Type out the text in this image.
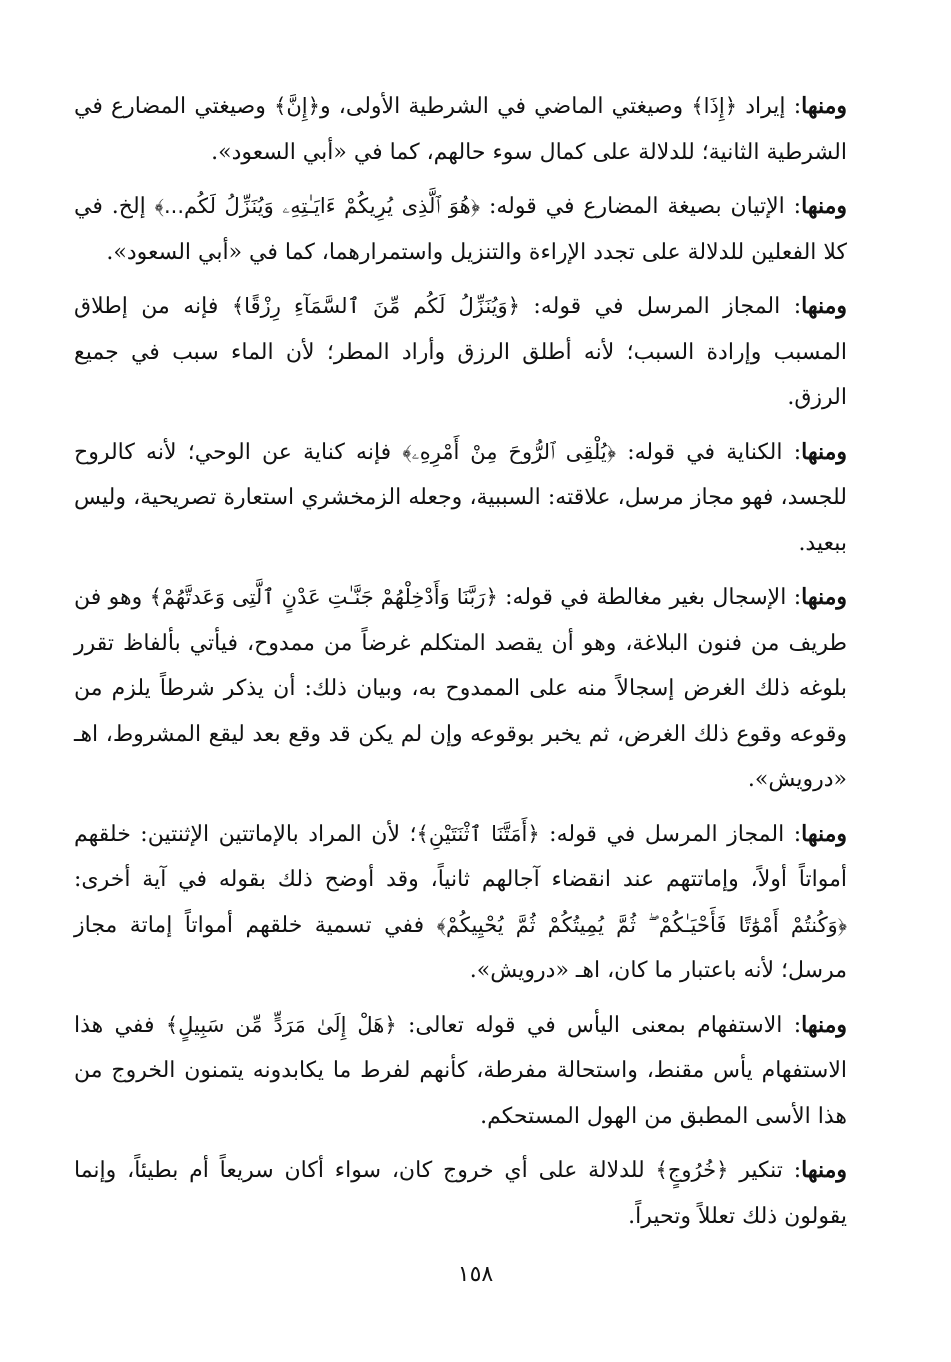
ومنها: إيراد ﴿إِذَا﴾ وصيغتي الماضي في الشرطية الأولى، و﴿إِنَّ﴾ وصيغتي المضارع في الشرطية الثانية؛ للدلالة على كمال سوء حالهم، كما في «أبي السعود».

ومنها: الإتيان بصيغة المضارع في قوله: ﴿هُوَ ٱلَّذِى يُرِيكُمْ ءَايَـٰتِهِۦ وَيُنَزِّلُ لَكُم...﴾ إلخ. في كلا الفعلين للدلالة على تجدد الإراءة والتنزيل واستمرارهما، كما في «أبي السعود».

ومنها: المجاز المرسل في قوله: ﴿وَيُنَزِّلُ لَكُم مِّنَ ٱلسَّمَآءِ رِزْقًا﴾ فإنه من إطلاق المسبب وإرادة السبب؛ لأنه أطلق الرزق وأراد المطر؛ لأن الماء سبب في جميع الرزق.

ومنها: الكناية في قوله: ﴿يُلْقِى ٱلرُّوحَ مِنْ أَمْرِهِۦ﴾ فإنه كناية عن الوحي؛ لأنه كالروح للجسد، فهو مجاز مرسل، علاقته: السببية، وجعله الزمخشري استعارة تصريحية، وليس ببعيد.

ومنها: الإسجال بغير مغالطة في قوله: ﴿رَبَّنَا وَأَدْخِلْهُمْ جَنَّـٰتِ عَدْنٍ ٱلَّتِى وَعَدتَّهُمْ﴾ وهو فن طريف من فنون البلاغة، وهو أن يقصد المتكلم غرضاً من ممدوح، فيأتي بألفاظ تقرر بلوغه ذلك الغرض إسجالاً منه على الممدوح به، وبيان ذلك: أن يذكر شرطاً يلزم من وقوعه وقوع ذلك الغرض، ثم يخبر بوقوعه وإن لم يكن قد وقع بعد ليقع المشروط، اهـ «درويش».

ومنها: المجاز المرسل في قوله: ﴿أَمَتَّنَا ٱثْنَتَيْنِ﴾؛ لأن المراد بالإماتتين الإثنتين: خلقهم أمواتاً أولاً، وإماتتهم عند انقضاء آجالهم ثانياً، وقد أوضح ذلك بقوله في آية أخرى: ﴿وَكُنتُمْ أَمْوَٰتًا فَأَحْيَـٰكُمْ ۖ ثُمَّ يُمِيتُكُمْ ثُمَّ يُحْيِيكُمْ﴾ ففي تسمية خلقهم أمواتاً إماتة مجاز مرسل؛ لأنه باعتبار ما كان، اهـ «درويش».

ومنها: الاستفهام بمعنى اليأس في قوله تعالى: ﴿هَلْ إِلَىٰ مَرَدٍّ مِّن سَبِيلٍ﴾ ففي هذا الاستفهام يأس مقنط، واستحالة مفرطة، كأنهم لفرط ما يكابدونه يتمنون الخروج من هذا الأسى المطبق من الهول المستحكم.

ومنها: تنكير ﴿خُرُوجٍ﴾ للدلالة على أي خروج كان، سواء أكان سريعاً أم بطيئاً، وإنما يقولون ذلك تعللاً وتحيراً.

١٥٨
